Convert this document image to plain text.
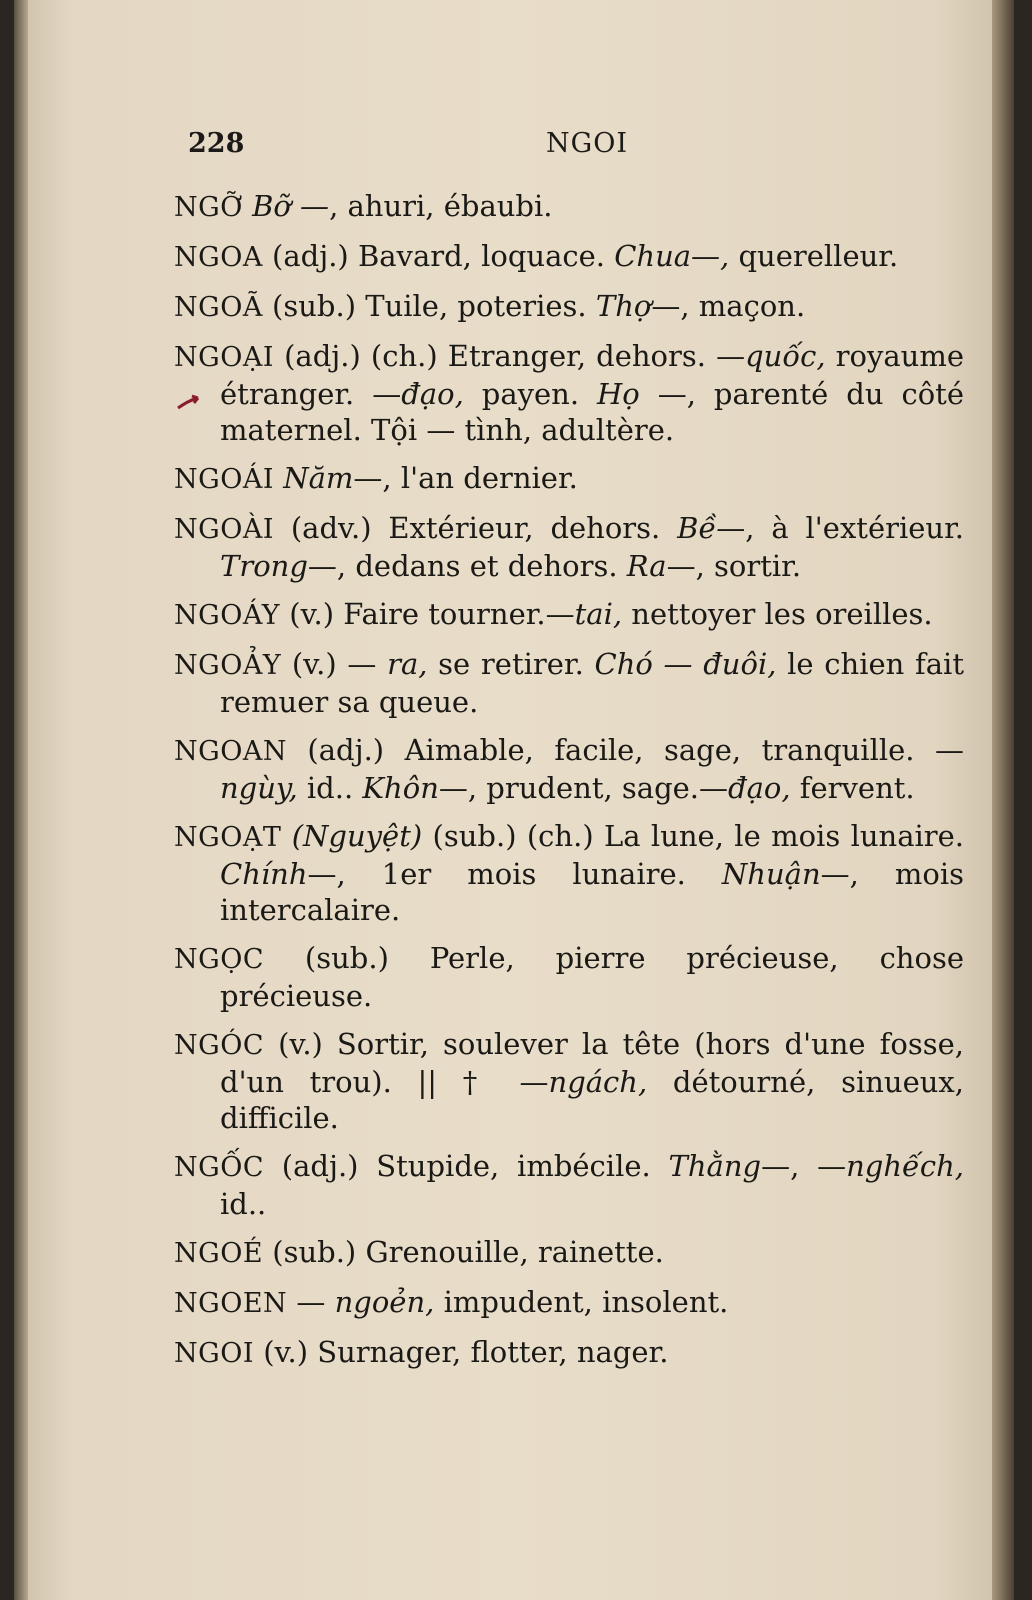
228	NGOI

NGỠ Bỡ —, ahuri, ébaubi.

NGOA (adj.) Bavard, loquace. Chua—, querelleur.

NGOÃ (sub.) Tuile, poteries. Thợ—, maçon.

NGOẠI (adj.) (ch.) Etranger, dehors. —quốc, royaume étranger. —đạo, payen. Họ —, parenté du côté maternel. Tội — tình, adultère.

NGOÁI Năm—, l'an dernier.

NGOÀI (adv.) Extérieur, dehors. Bề—, à l'extérieur. Trong—, dedans et dehors. Ra—, sortir.

NGOÁY (v.) Faire tourner.—tai, nettoyer les oreilles.

NGOẢY (v.) — ra, se retirer. Chó — đuôi, le chien fait remuer sa queue.

NGOAN (adj.) Aimable, facile, sage, tranquille. — ngùy, id.. Khôn—, prudent, sage.—đạo, fervent.

NGOẠT (Nguyệt) (sub.) (ch.) La lune, le mois lunaire. Chính—, 1er mois lunaire. Nhuận—, mois intercalaire.

NGỌC (sub.) Perle, pierre précieuse, chose précieuse.

NGÓC (v.) Sortir, soulever la tête (hors d'une fosse, d'un trou). || † —ngách, détourné, sinueux, difficile.

NGỐC (adj.) Stupide, imbécile. Thằng—, —nghếch, id..

NGOÉ (sub.) Grenouille, rainette.

NGOEN — ngoẻn, impudent, insolent.

NGOI (v.) Surnager, flotter, nager.
